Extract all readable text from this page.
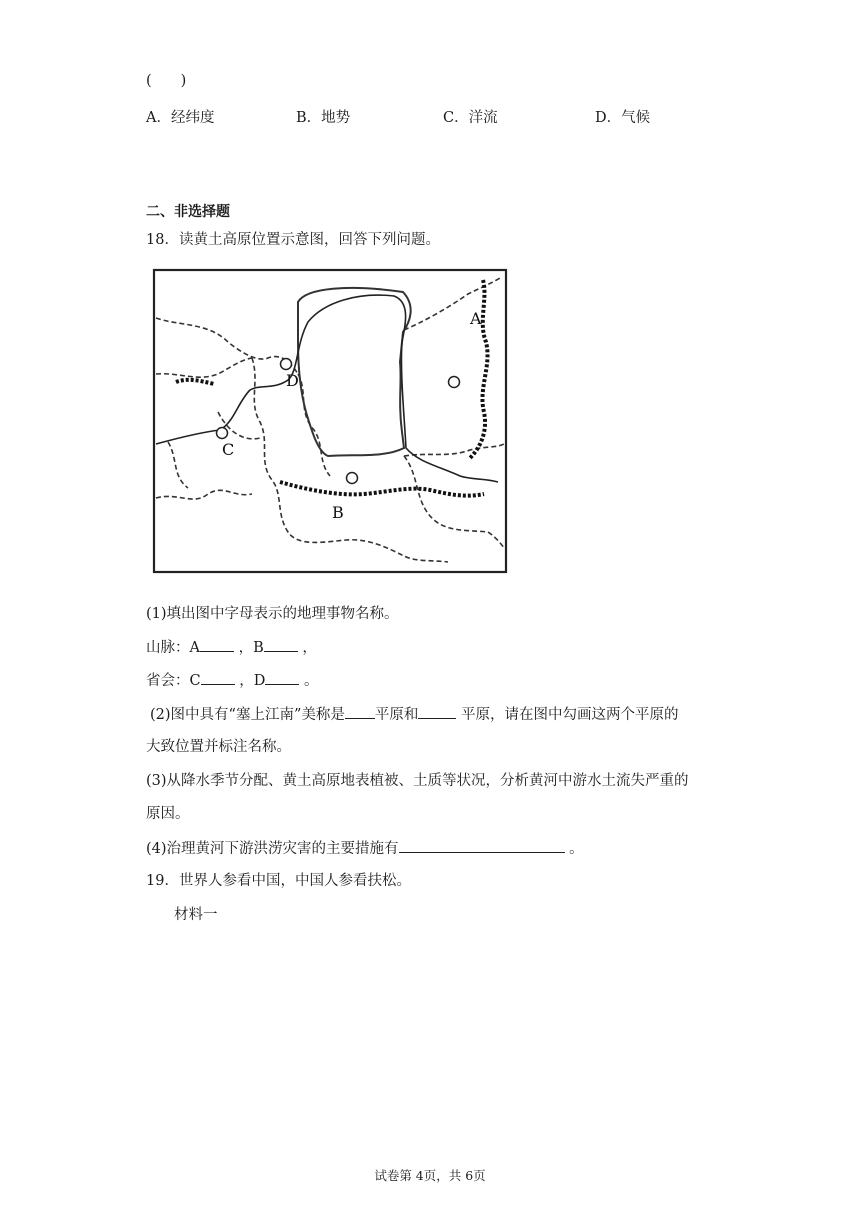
(　　)
A．经纬度	B．地势	C．洋流	D．气候
二、非选择题
18．读黄土高原位置示意图，回答下列问题。
A
B
C
D
(1)填出图中字母表示的地理事物名称。
山脉：A ，B ，
省会：C ，D 。
(2)图中具有“塞上江南”美称是 平原和	平原，请在图中勾画这两个平原的
大致位置并标注名称。
(3)从降水季节分配、黄土高原地表植被、土质等状况，分析黄河中游水土流失严重的
原因。
(4)治理黄河下游洪涝灾害的主要措施有	。
19．世界人参看中国，中国人参看扶松。
材料一
试卷第 4页，共 6页
